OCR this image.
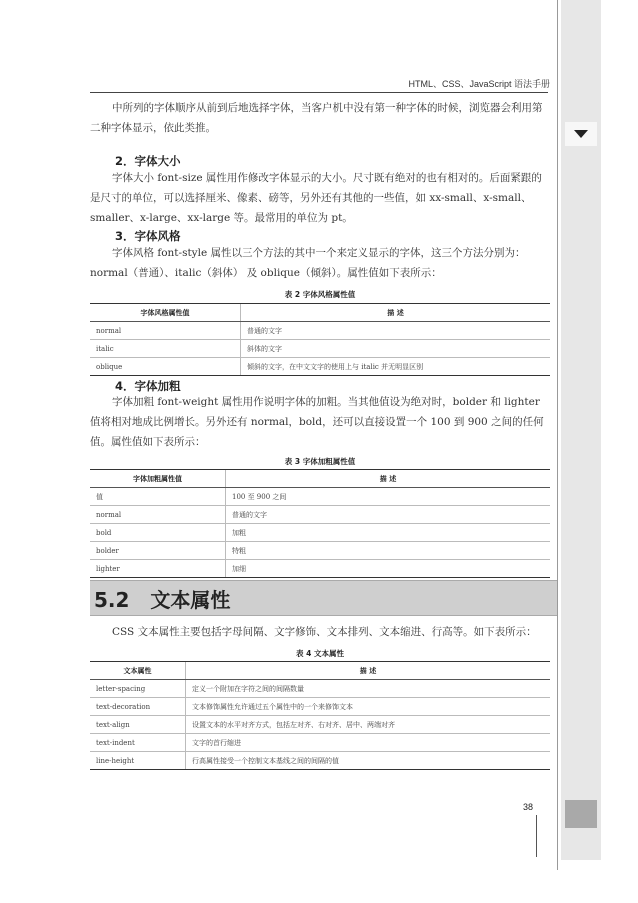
HTML、CSS、JavaScript 语法手册
中所列的字体顺序从前到后地选择字体，当客户机中没有第一种字体的时候，浏览器会利用第二种字体显示，依此类推。
2．字体大小
字体大小 font-size 属性用作修改字体显示的大小。尺寸既有绝对的也有相对的。后面紧跟的是尺寸的单位，可以选择厘米、像素、磅等，另外还有其他的一些值，如 xx-small、x-small、smaller、x-large、xx-large 等。最常用的单位为 pt。
3．字体风格
字体风格 font-style 属性以三个方法的其中一个来定义显示的字体，这三个方法分别为：normal（普通）、italic（斜体） 及 oblique（倾斜）。属性值如下表所示：
表 2 字体风格属性值
字体风格属性值	描 述
normal	普通的文字
italic	斜体的文字
oblique	倾斜的文字，在中文文字的使用上与 italic 并无明显区别
4．字体加粗
字体加粗 font-weight 属性用作说明字体的加粗。当其他值设为绝对时，bolder 和 lighter 值将相对地成比例增长。另外还有 normal，bold，还可以直接设置一个 100 到 900 之间的任何值。属性值如下表所示：
表 3 字体加粗属性值
字体加粗属性值	描 述
值	100 至 900 之间
normal	普通的文字
bold	加粗
bolder	特粗
lighter	加细
5.2 文本属性
CSS 文本属性主要包括字母间隔、文字修饰、文本排列、文本缩进、行高等。如下表所示：
表 4 文本属性
文本属性	描 述
letter-spacing	定义一个附加在字符之间的间隔数量
text-decoration	文本修饰属性允许通过五个属性中的一个来修饰文本
text-align	设置文本的水平对齐方式，包括左对齐、右对齐、居中、两端对齐
text-indent	文字的首行缩进
line-height	行高属性接受一个控制文本基线之间的间隔的值
38
